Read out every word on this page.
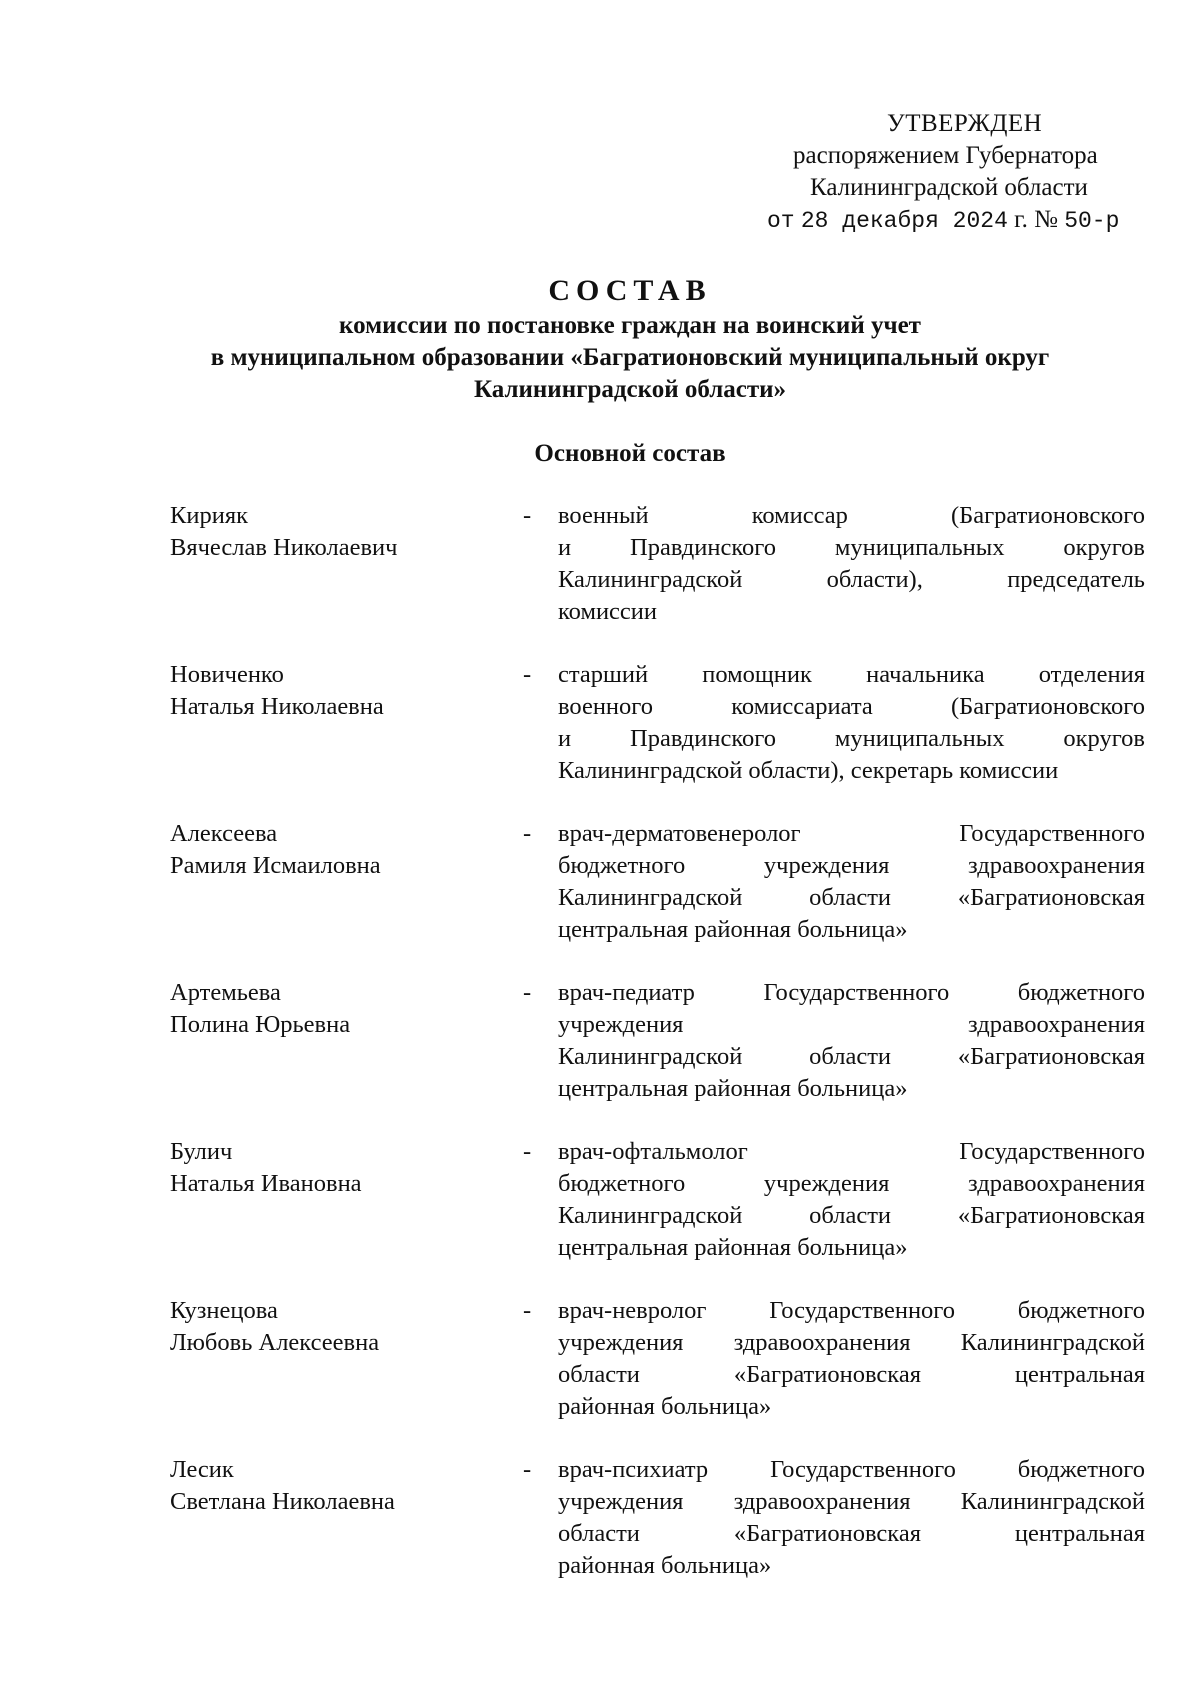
УТВЕРЖДЕН
распоряжением Губернатора
Калининградской области
от 28 декабря 2024 г. № 50-р
СОСТАВ
комиссии по постановке граждан на воинский учет
в муниципальном образовании «Багратионовский муниципальный округ
Калининградской области»
Основной состав
Кирияк
Вячеслав Николаевич
- военный комиссар (Багратионовского
и Правдинского муниципальных округов
Калининградской области), председатель
комиссии
Новиченко
Наталья Николаевна
- старший помощник начальника отделения
военного комиссариата (Багратионовского
и Правдинского муниципальных округов
Калининградской области), секретарь комиссии
Алексеева
Рамиля Исмаиловна
- врач-дерматовенеролог Государственного
бюджетного учреждения здравоохранения
Калининградской области «Багратионовская
центральная районная больница»
Артемьева
Полина Юрьевна
- врач-педиатр Государственного бюджетного
учреждения здравоохранения
Калининградской области «Багратионовская
центральная районная больница»
Булич
Наталья Ивановна
- врач-офтальмолог Государственного
бюджетного учреждения здравоохранения
Калининградской области «Багратионовская
центральная районная больница»
Кузнецова
Любовь Алексеевна
- врач-невролог Государственного бюджетного
учреждения здравоохранения Калининградской
области «Багратионовская центральная
районная больница»
Лесик
Светлана Николаевна
- врач-психиатр Государственного бюджетного
учреждения здравоохранения Калининградской
области «Багратионовская центральная
районная больница»
